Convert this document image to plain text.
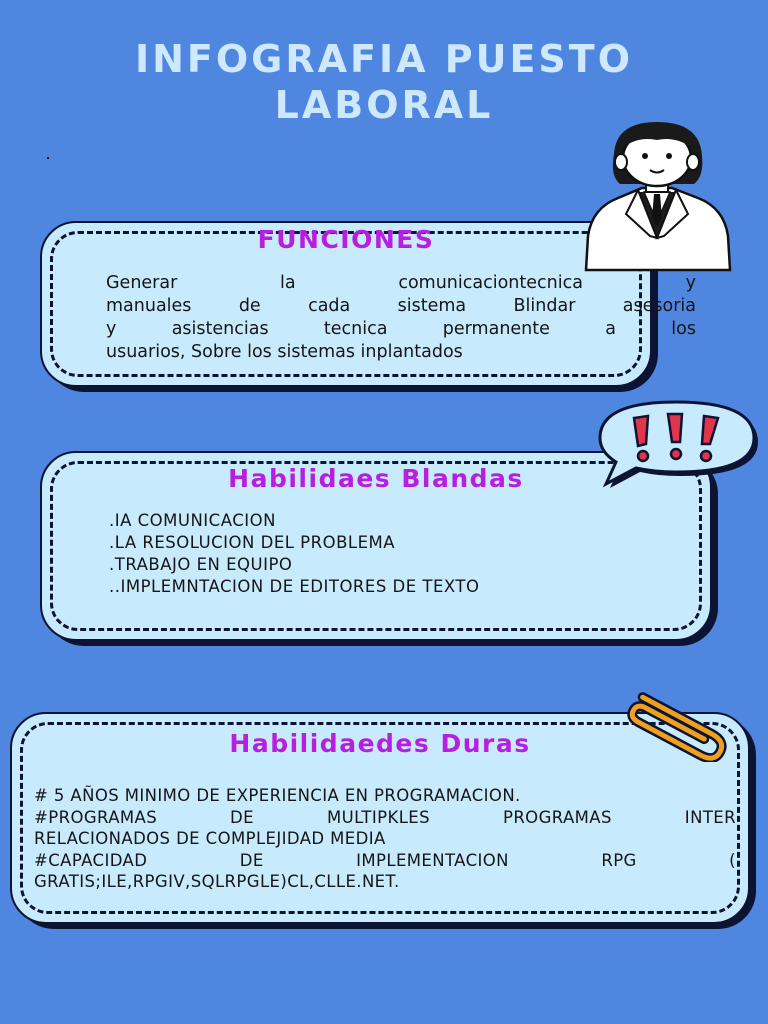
INFOGRAFIA PUESTO
LABORAL
FUNCIONES
Generar la comunicaciontecnica y
manuales de cada sistema Blindar asesoria
y asistencias tecnica permanente a los
usuarios, Sobre los sistemas inplantados
Habilidaes Blandas
.IA COMUNICACION
.LA RESOLUCION DEL PROBLEMA
.TRABAJO EN EQUIPO
..IMPLEMNTACION DE EDITORES DE TEXTO
Habilidaedes Duras
# 5 AÑOS MINIMO DE EXPERIENCIA EN PROGRAMACION.
#PROGRAMAS DE MULTIPKLES PROGRAMAS INTER
RELACIONADOS DE COMPLEJIDAD MEDIA
#CAPACIDAD DE IMPLEMENTACION RPG (
GRATIS;ILE,RPGIV,SQLRPGLE)CL,CLLE.NET.
